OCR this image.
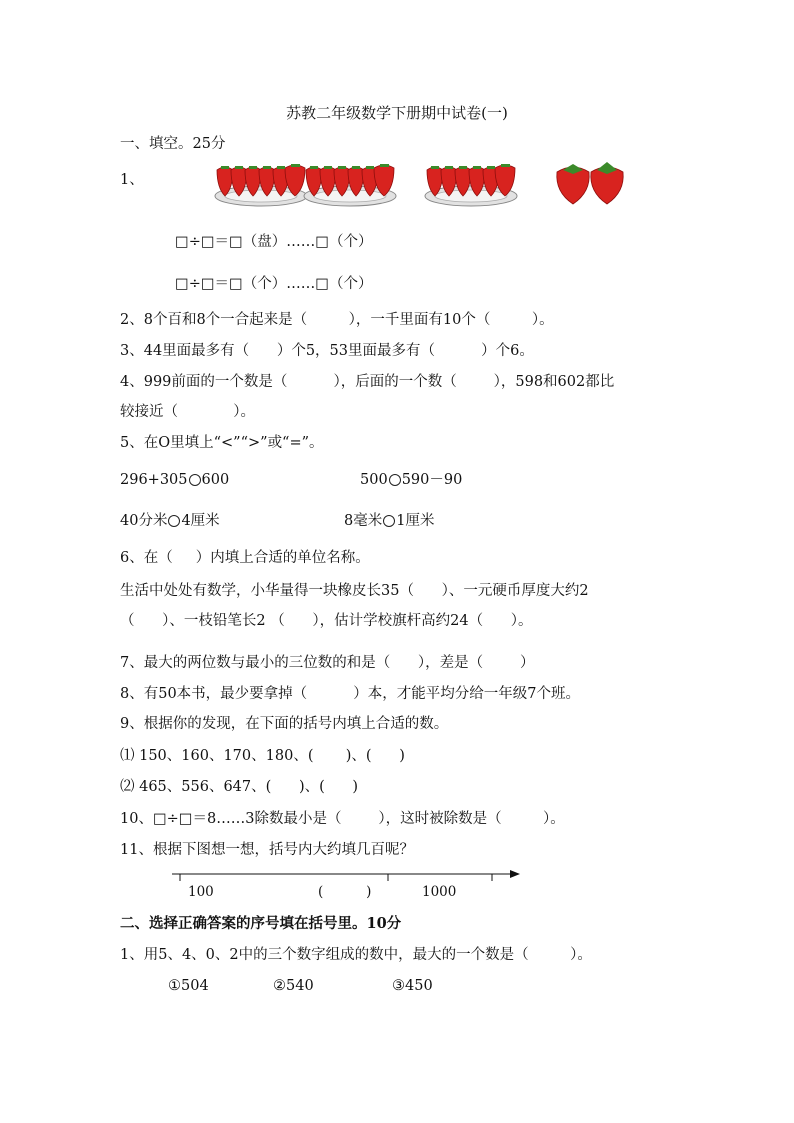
苏教二年级数学下册期中试卷(一)
一、填空。25分
1、
□÷□＝□（盘）……□（个）
□÷□＝□（个）……□（个）
2、8个百和8个一合起来是（         ），一千里面有10个（         ）。
3、44里面最多有（      ）个5，53里面最多有（          ）个6。
4、999前面的一个数是（          ），后面的一个数（        ），598和602都比
较接近（            ）。
5、在O里填上“<”“>”或“=”。
296+305 600	500 590－90
40分米 4厘米	8毫米 1厘米
6、在（     ）内填上合适的单位名称。
生活中处处有数学，小华量得一块橡皮长35（      ）、一元硬币厚度大约2
（      ）、一枝铅笔长2 （      ），估计学校旗杆高约24（      ）。
7、最大的两位数与最小的三位数的和是（      ），差是（        ）
8、有50本书，最少要拿掉（          ）本，才能平均分给一年级7个班。
9、根据你的发现，在下面的括号内填上合适的数。
⑴ 150、160、170、180、(       )、(      )
⑵ 465、556、647、(      )、(      )
10、□÷□＝8……3除数最小是（        ），这时被除数是（         ）。
11、根据下图想一想，括号内大约填几百呢？
100	(          )	1000
二、选择正确答案的序号填在括号里。10分
1、用5、4、0、2中的三个数字组成的数中，最大的一个数是（         ）。
①504	②540	③450
